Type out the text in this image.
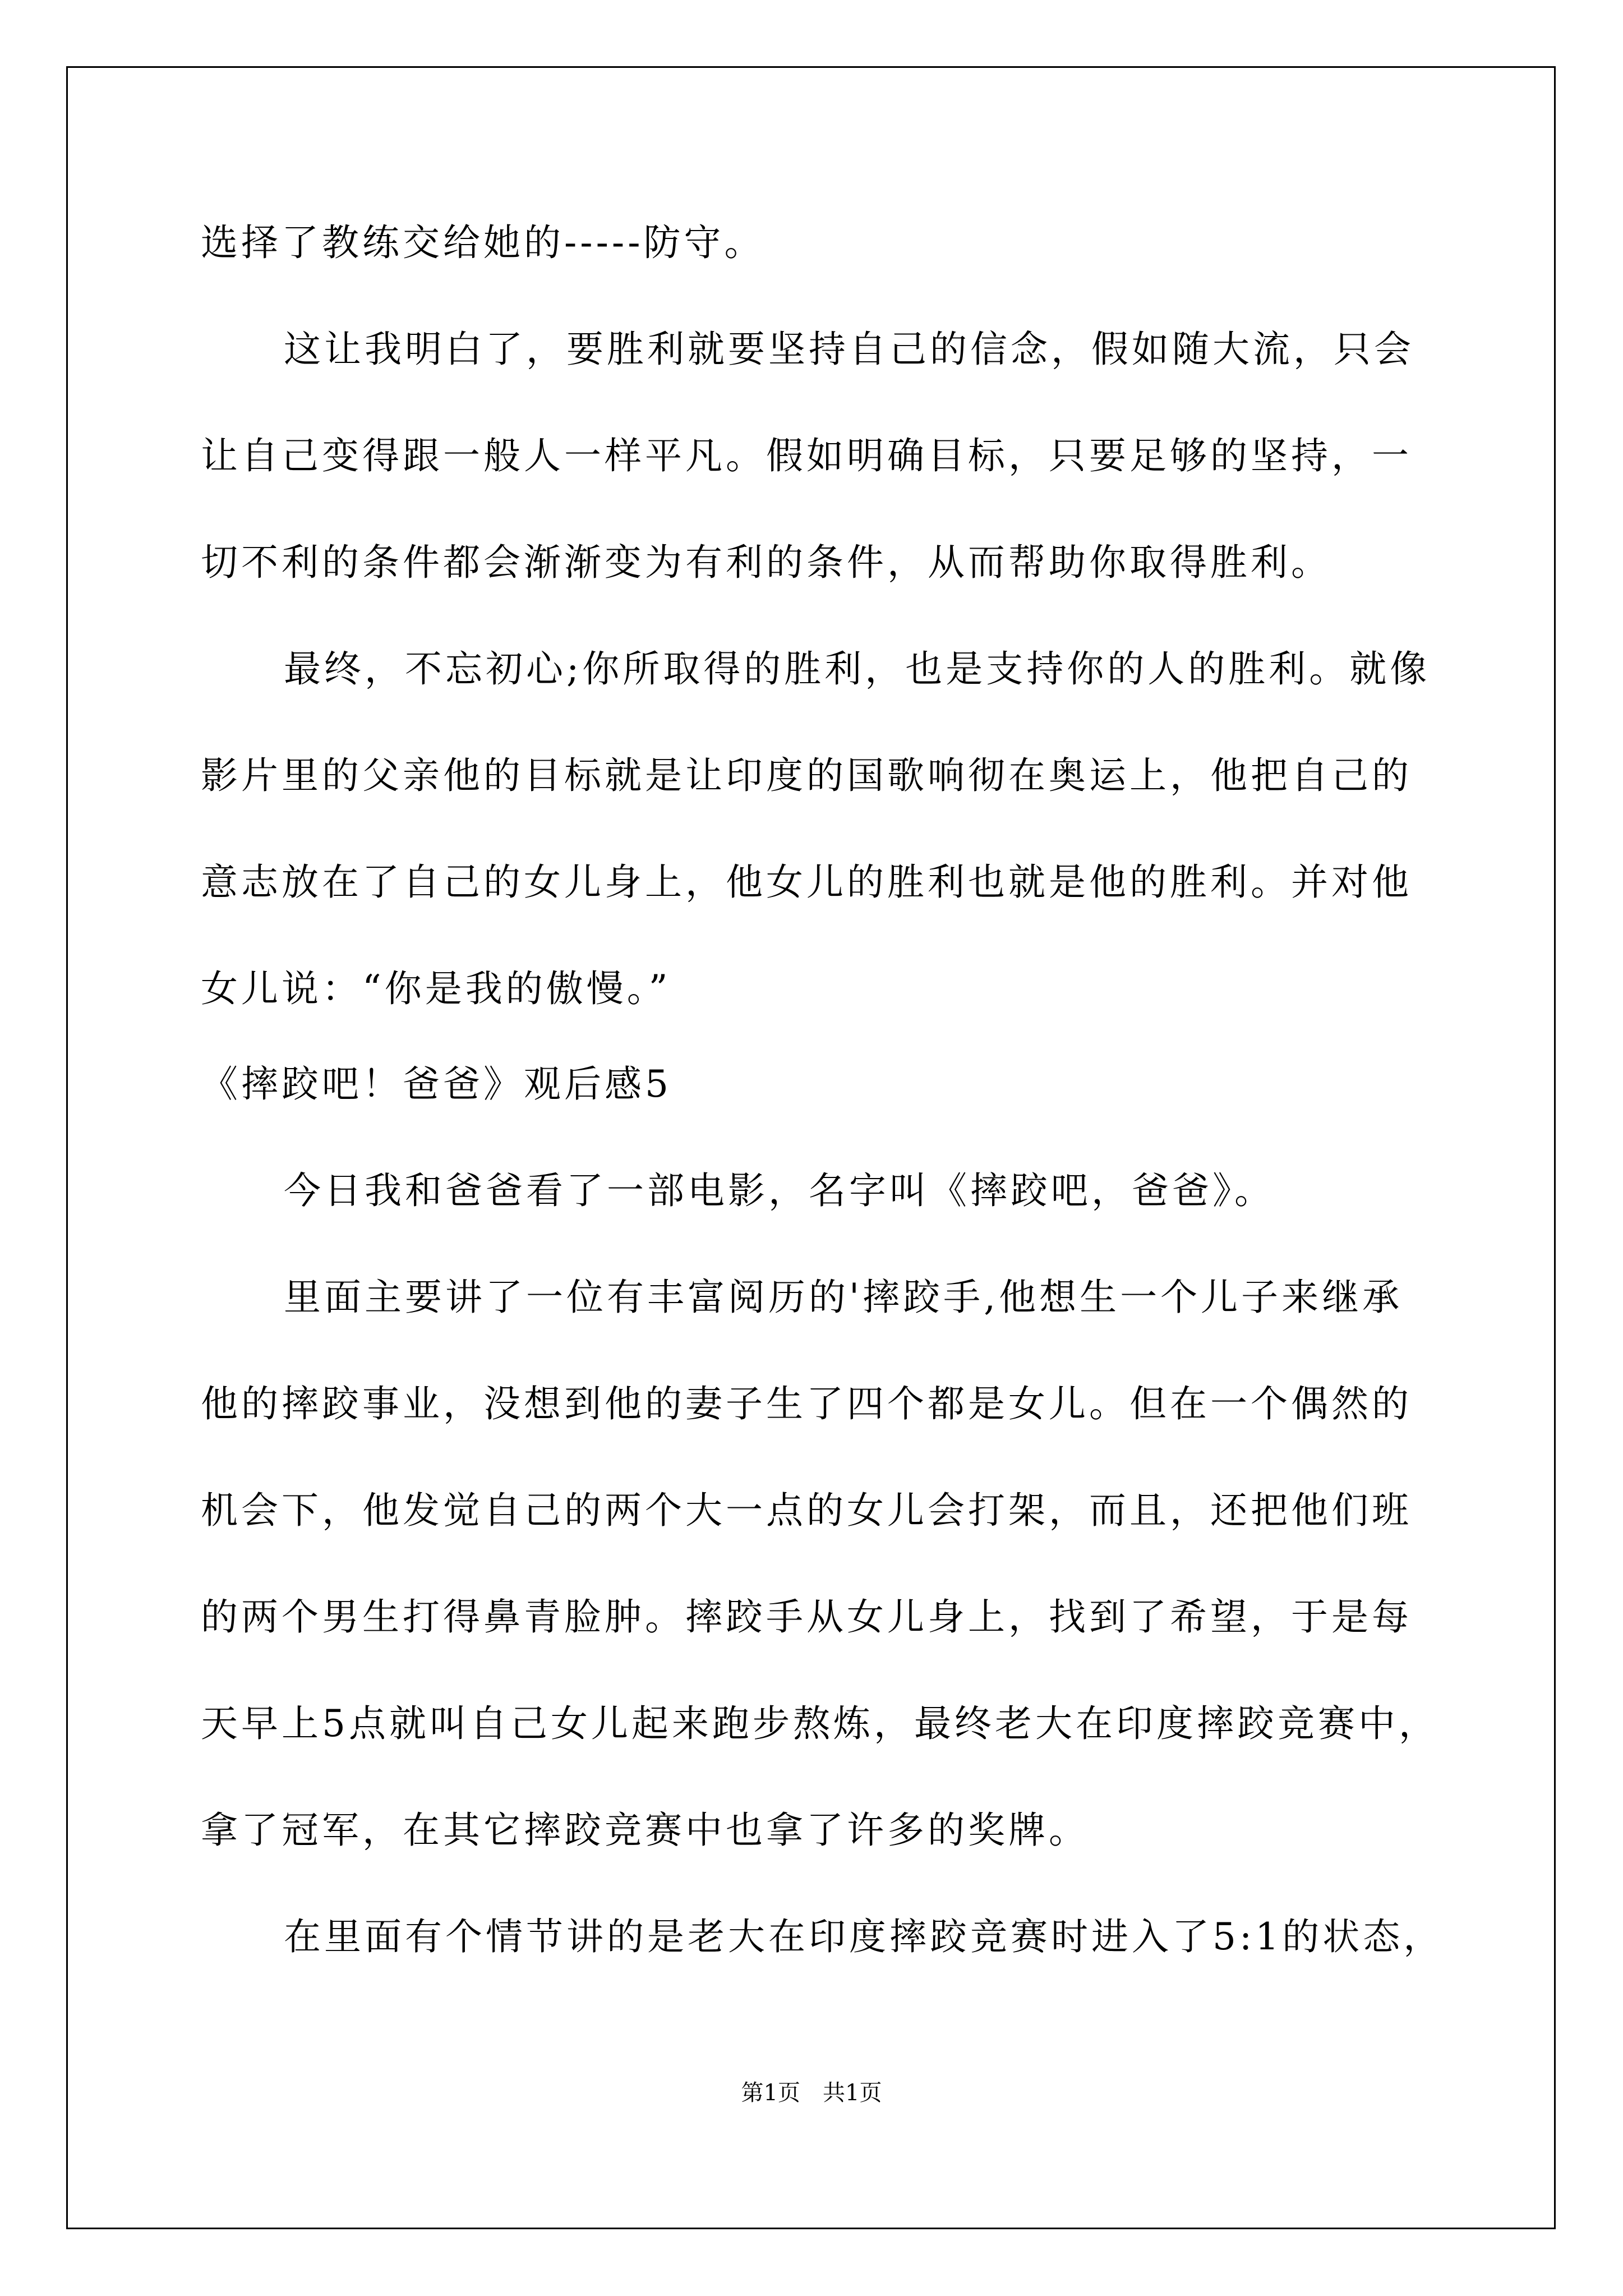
选择了教练交给她的-----防守。
这让我明白了，要胜利就要坚持自己的信念，假如随大流，只会
让自己变得跟一般人一样平凡。假如明确目标，只要足够的坚持，一
切不利的条件都会渐渐变为有利的条件，从而帮助你取得胜利。
最终，不忘初心;你所取得的胜利，也是支持你的人的胜利。就像
影片里的父亲他的目标就是让印度的国歌响彻在奥运上，他把自己的
意志放在了自己的女儿身上，他女儿的胜利也就是他的胜利。并对他
女儿说：“你是我的傲慢。”
《摔跤吧！爸爸》观后感5
今日我和爸爸看了一部电影，名字叫《摔跤吧，爸爸》。
里面主要讲了一位有丰富阅历的'摔跤手,他想生一个儿子来继承
他的摔跤事业，没想到他的妻子生了四个都是女儿。但在一个偶然的
机会下，他发觉自己的两个大一点的女儿会打架，而且，还把他们班
的两个男生打得鼻青脸肿。摔跤手从女儿身上，找到了希望，于是每
天早上5点就叫自己女儿起来跑步熬炼，最终老大在印度摔跤竞赛中，
拿了冠军，在其它摔跤竞赛中也拿了许多的奖牌。
在里面有个情节讲的是老大在印度摔跤竞赛时进入了5:1的状态，
第1页　共1页
